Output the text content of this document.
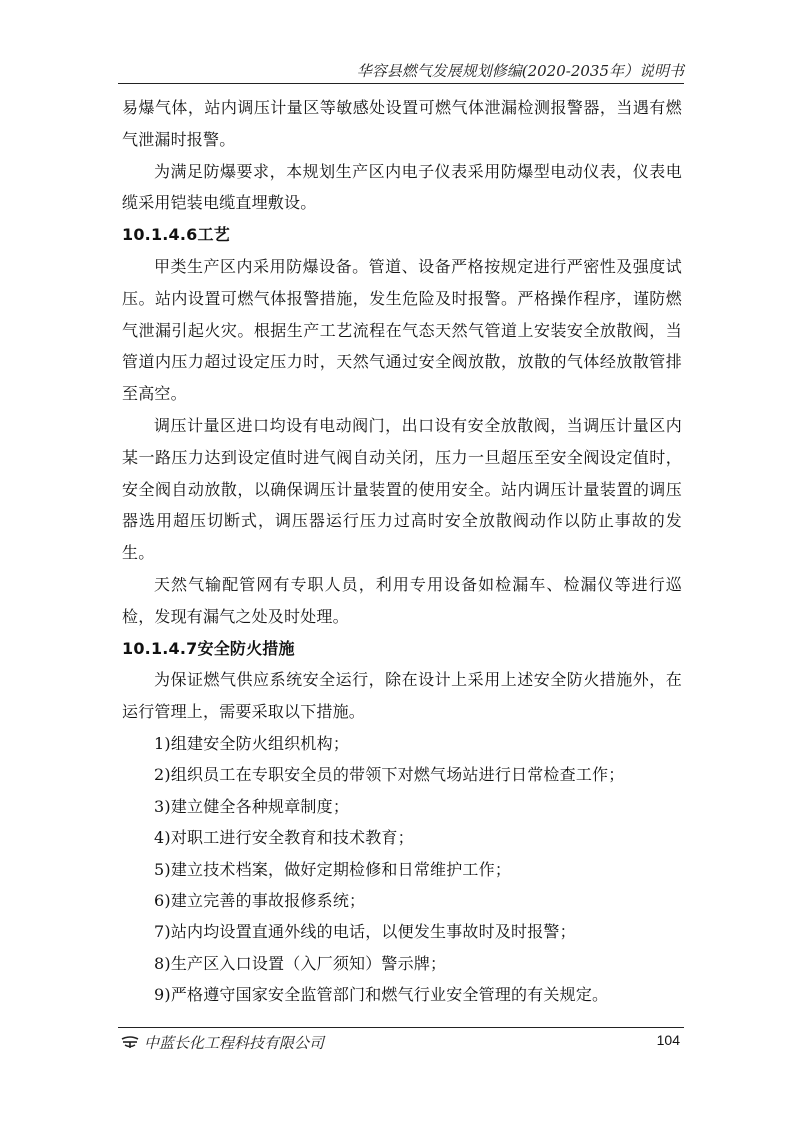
华容县燃气发展规划修编(2020-2035年）说明书

易爆气体，站内调压计量区等敏感处设置可燃气体泄漏检测报警器，当遇有燃气泄漏时报警。

为满足防爆要求，本规划生产区内电子仪表采用防爆型电动仪表，仪表电缆采用铠装电缆直埋敷设。

10.1.4.6工艺

甲类生产区内采用防爆设备。管道、设备严格按规定进行严密性及强度试压。站内设置可燃气体报警措施，发生危险及时报警。严格操作程序，谨防燃气泄漏引起火灾。根据生产工艺流程在气态天然气管道上安装安全放散阀，当管道内压力超过设定压力时，天然气通过安全阀放散，放散的气体经放散管排至高空。

调压计量区进口均设有电动阀门，出口设有安全放散阀，当调压计量区内某一路压力达到设定值时进气阀自动关闭，压力一旦超压至安全阀设定值时，安全阀自动放散，以确保调压计量装置的使用安全。站内调压计量装置的调压器选用超压切断式，调压器运行压力过高时安全放散阀动作以防止事故的发生。

天然气输配管网有专职人员，利用专用设备如检漏车、检漏仪等进行巡检，发现有漏气之处及时处理。

10.1.4.7安全防火措施

为保证燃气供应系统安全运行，除在设计上采用上述安全防火措施外，在运行管理上，需要采取以下措施。

1)组建安全防火组织机构；
2)组织员工在专职安全员的带领下对燃气场站进行日常检查工作；
3)建立健全各种规章制度；
4)对职工进行安全教育和技术教育；
5)建立技术档案，做好定期检修和日常维护工作；
6)建立完善的事故报修系统；
7)站内均设置直通外线的电话，以便发生事故时及时报警；
8)生产区入口设置（入厂须知）警示牌；
9)严格遵守国家安全监管部门和燃气行业安全管理的有关规定。
中蓝长化工程科技有限公司	104
